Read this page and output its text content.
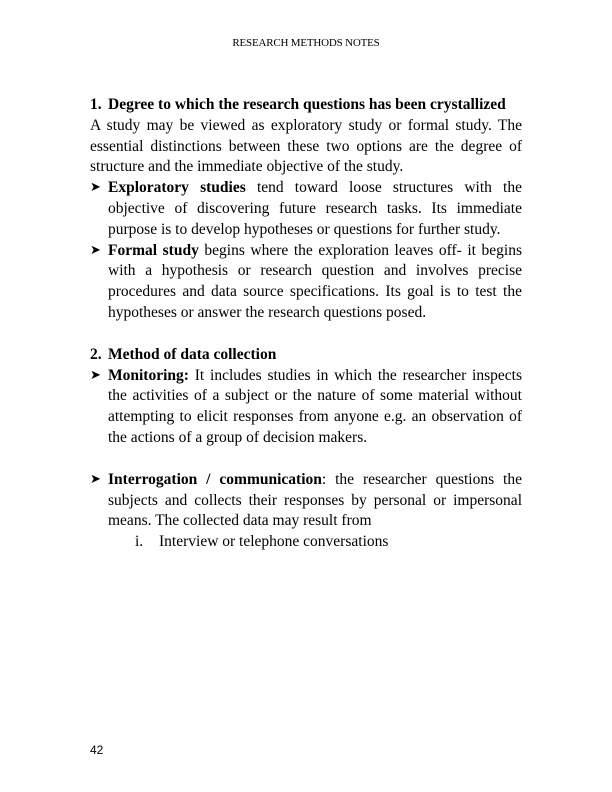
RESEARCH METHODS NOTES
1. Degree to which the research questions has been crystallized
A study may be viewed as exploratory study or formal study. The essential distinctions between these two options are the degree of structure and the immediate objective of the study.
➤ Exploratory studies tend toward loose structures with the objective of discovering future research tasks. Its immediate purpose is to develop hypotheses or questions for further study.
➤ Formal study begins where the exploration leaves off- it begins with a hypothesis or research question and involves precise procedures and data source specifications. Its goal is to test the hypotheses or answer the research questions posed.
2. Method of data collection
➤ Monitoring: It includes studies in which the researcher inspects the activities of a subject or the nature of some material without attempting to elicit responses from anyone e.g. an observation of the actions of a group of decision makers.
➤ Interrogation / communication: the researcher questions the subjects and collects their responses by personal or impersonal means. The collected data may result from
i. Interview or telephone conversations
42
